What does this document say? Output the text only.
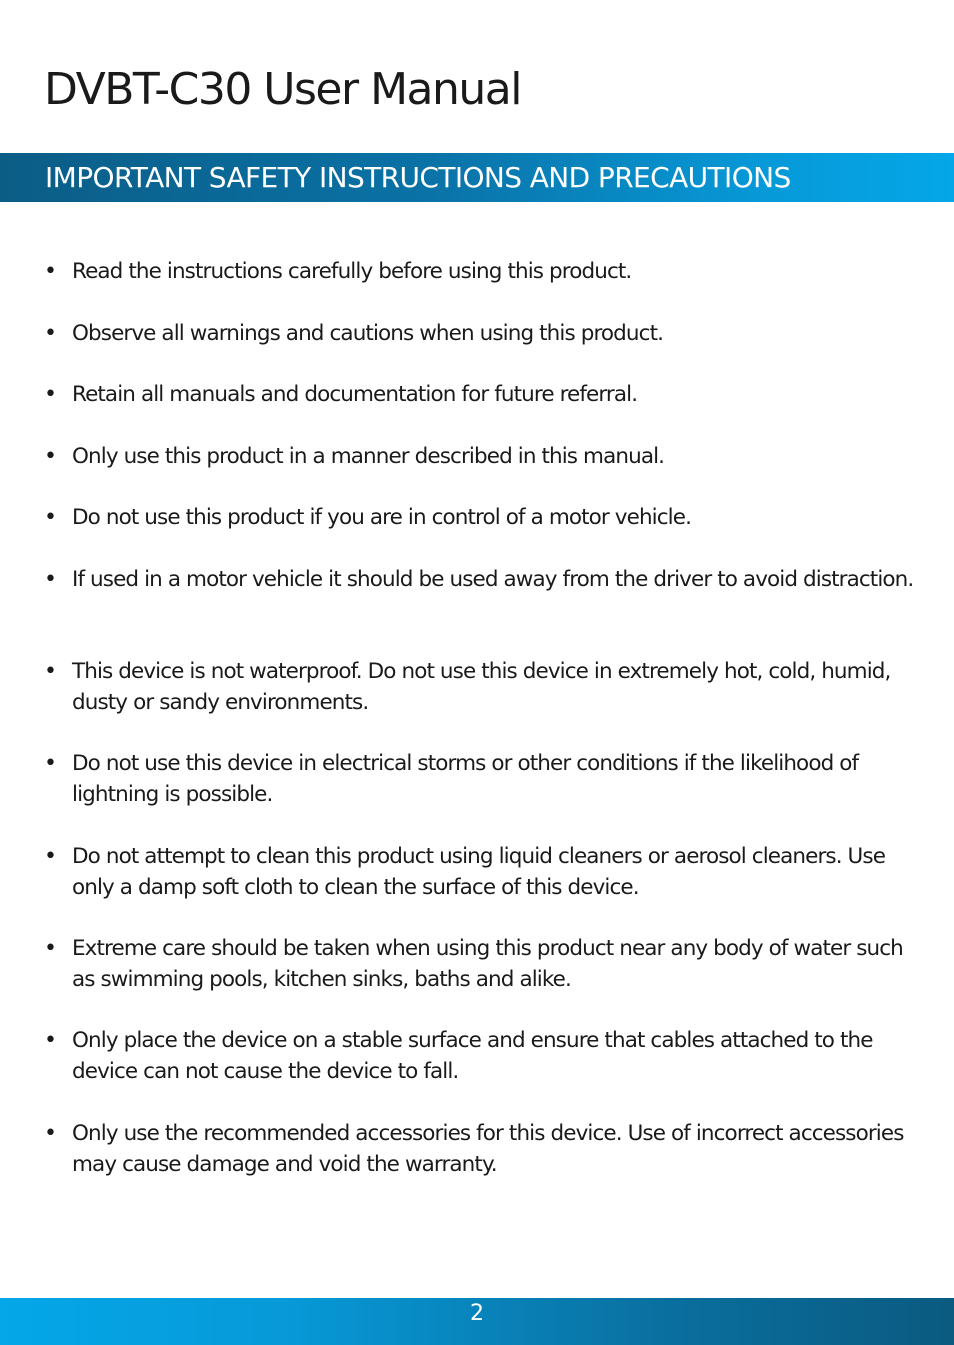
DVBT-C30 User Manual
IMPORTANT SAFETY INSTRUCTIONS AND PRECAUTIONS
• Read the instructions carefully before using this product.
• Observe all warnings and cautions when using this product.
• Retain all manuals and documentation for future referral.
• Only use this product in a manner described in this manual.
• Do not use this product if you are in control of a motor vehicle.
• If used in a motor vehicle it should be used away from the driver to avoid distraction.
• This device is not waterproof. Do not use this device in extremely hot, cold, humid, dusty or sandy environments.
• Do not use this device in electrical storms or other conditions if the likelihood of lightning is possible.
• Do not attempt to clean this product using liquid cleaners or aerosol cleaners. Use only a damp soft cloth to clean the surface of this device.
• Extreme care should be taken when using this product near any body of water such as swimming pools, kitchen sinks, baths and alike.
• Only place the device on a stable surface and ensure that cables attached to the device can not cause the device to fall.
• Only use the recommended accessories for this device. Use of incorrect accessories may cause damage and void the warranty.
2
